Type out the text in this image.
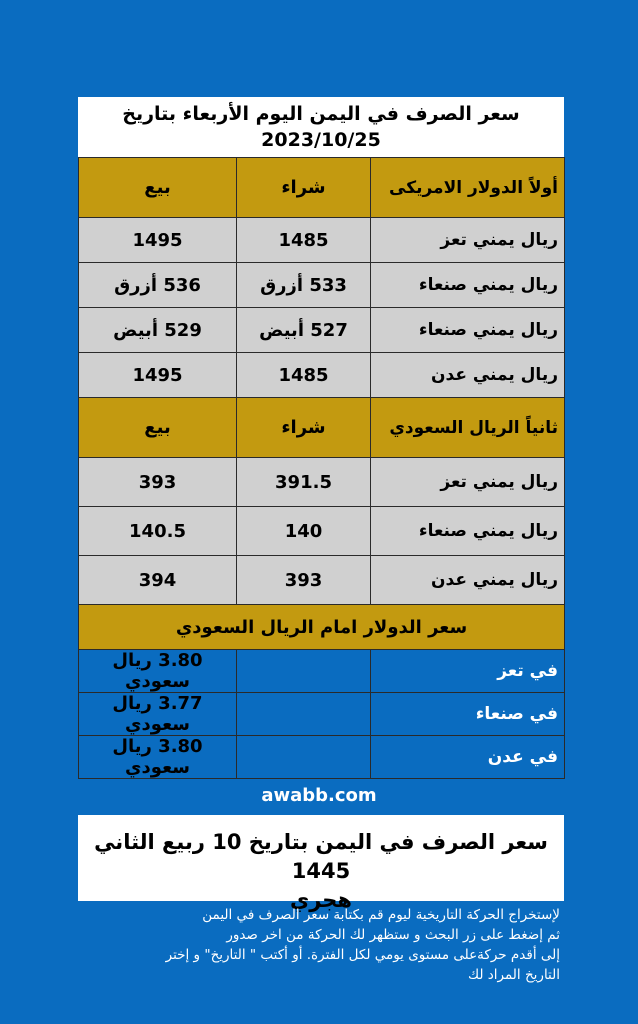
سعر الصرف في اليمن اليوم الأربعاء بتاريخ
2023/10/25
أولاً الدولار الامريكى	شراء	بيع
ريال يمني تعز	1485	1495
ريال يمني صنعاء	533 أزرق	536 أزرق
ريال يمني صنعاء	527 أبيض	529 أبيض
ريال يمني عدن	1485	1495
ثانياً الريال السعودي	شراء	بيع
ريال يمني تعز	391.5	393
ريال يمني صنعاء	140	140.5
ريال يمني عدن	393	394
سعر الدولار امام الريال السعودي		
في تعز		3.80 ريال سعودي
في صنعاء		3.77 ريال سعودي
في عدن		3.80 ريال سعودي
awabb.com
سعر الصرف في اليمن بتاريخ 10 ربيع الثاني 1445
هجري
لإستخراج الحركة التاريخية ليوم قم بكتابة سعر الصرف في اليمن
ثم إضغط على زر البحث و ستظهر لك الحركة من اخر صدور
إلى أقدم حركةعلى مستوى يومي لكل الفترة. أو أكتب " التاريخ" و إختر
التاريخ المراد لك
